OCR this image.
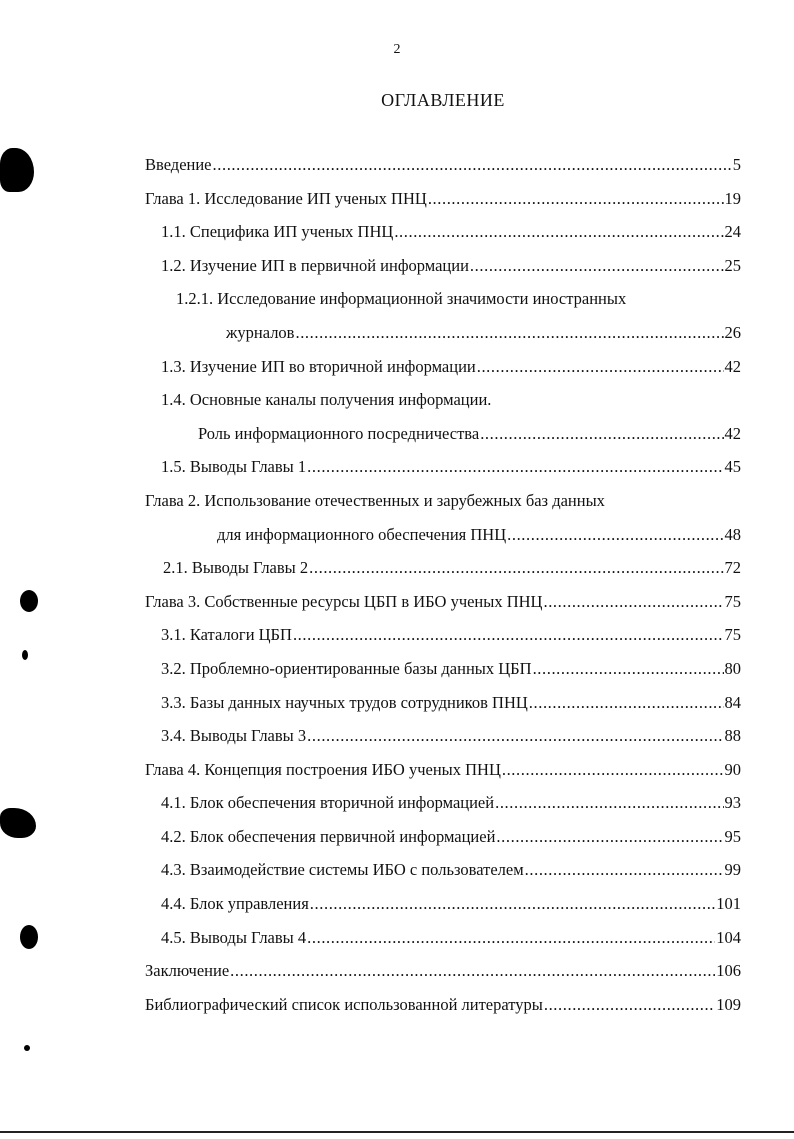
2
ОГЛАВЛЕНИЕ
Введение .....	5
Глава 1. Исследование ИП ученых ПНЦ .....	19
1.1. Специфика ИП ученых ПНЦ .....	24
1.2. Изучение ИП в первичной информации .....	25
1.2.1. Исследование информационной значимости иностранных
журналов .....	26
1.3. Изучение ИП во вторичной информации .....	42
1.4. Основные каналы получения информации.
Роль информационного посредничества .....	42
1.5. Выводы Главы 1 .....	45
Глава 2. Использование отечественных и зарубежных баз данных
для информационного обеспечения ПНЦ .....	48
2.1. Выводы Главы 2 .....	72
Глава 3. Собственные ресурсы ЦБП в ИБО ученых ПНЦ .....	75
3.1. Каталоги ЦБП .....	75
3.2. Проблемно-ориентированные базы данных ЦБП .....	80
3.3. Базы данных научных трудов сотрудников ПНЦ .....	84
3.4. Выводы Главы 3 .....	88
Глава 4. Концепция построения ИБО ученых ПНЦ .....	90
4.1. Блок обеспечения вторичной информацией .....	93
4.2. Блок обеспечения первичной информацией .....	95
4.3. Взаимодействие системы ИБО с пользователем .....	99
4.4. Блок управления .....	101
4.5. Выводы Главы 4 .....	104
Заключение .....	106
Библиографический список использованной литературы .....	109
